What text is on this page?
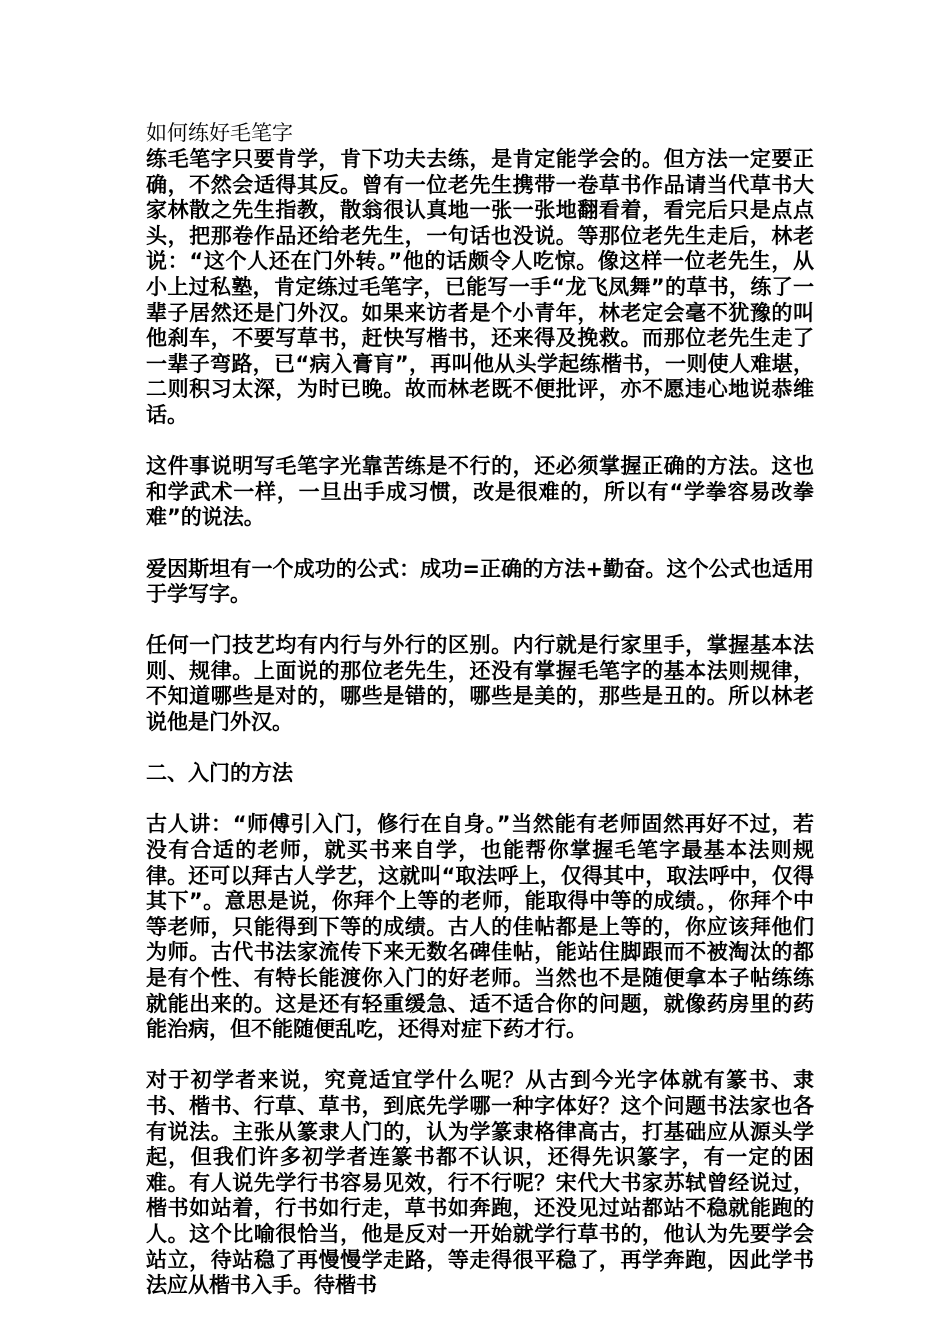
如何练好毛笔字

练毛笔字只要肯学，肯下功夫去练，是肯定能学会的。但方法一定要正确，不然会适得其反。曾有一位老先生携带一卷草书作品请当代草书大家林散之先生指教，散翁很认真地一张一张地翻看着，看完后只是点点头，把那卷作品还给老先生，一句话也没说。等那位老先生走后，林老说：“这个人还在门外转。”他的话颇令人吃惊。像这样一位老先生，从小上过私塾，肯定练过毛笔字，已能写一手“龙飞凤舞”的草书，练了一辈子居然还是门外汉。如果来访者是个小青年，林老定会毫不犹豫的叫他刹车，不要写草书，赶快写楷书，还来得及挽救。而那位老先生走了一辈子弯路，已“病入膏肓”，再叫他从头学起练楷书，一则使人难堪，二则积习太深，为时已晚。故而林老既不便批评，亦不愿违心地说恭维话。

这件事说明写毛笔字光靠苦练是不行的，还必须掌握正确的方法。这也和学武术一样，一旦出手成习惯，改是很难的，所以有“学拳容易改拳难”的说法。

爱因斯坦有一个成功的公式：成功=正确的方法+勤奋。这个公式也适用于学写字。

任何一门技艺均有内行与外行的区别。内行就是行家里手，掌握基本法则、规律。上面说的那位老先生，还没有掌握毛笔字的基本法则规律，不知道哪些是对的，哪些是错的，哪些是美的，那些是丑的。所以林老说他是门外汉。

二、入门的方法

古人讲：“师傅引入门，修行在自身。”当然能有老师固然再好不过，若没有合适的老师，就买书来自学，也能帮你掌握毛笔字最基本法则规律。还可以拜古人学艺，这就叫“取法呼上，仅得其中，取法呼中，仅得其下”。意思是说，你拜个上等的老师，能取得中等的成绩。，你拜个中等老师，只能得到下等的成绩。古人的佳帖都是上等的，你应该拜他们为师。古代书法家流传下来无数名碑佳帖，能站住脚跟而不被淘汰的都是有个性、有特长能渡你入门的好老师。当然也不是随便拿本子帖练练就能出来的。这是还有轻重缓急、适不适合你的问题，就像药房里的药能治病，但不能随便乱吃，还得对症下药才行。

对于初学者来说，究竟适宜学什么呢？从古到今光字体就有篆书、隶书、楷书、行草、草书，到底先学哪一种字体好？这个问题书法家也各有说法。主张从篆隶人门的，认为学篆隶格律高古，打基础应从源头学起，但我们许多初学者连篆书都不认识，还得先识篆字，有一定的困难。有人说先学行书容易见效，行不行呢？宋代大书家苏轼曾经说过，楷书如站着，行书如行走，草书如奔跑，还没见过站都站不稳就能跑的人。这个比喻很恰当，他是反对一开始就学行草书的，他认为先要学会站立，待站稳了再慢慢学走路，等走得很平稳了，再学奔跑，因此学书法应从楷书入手。待楷书
